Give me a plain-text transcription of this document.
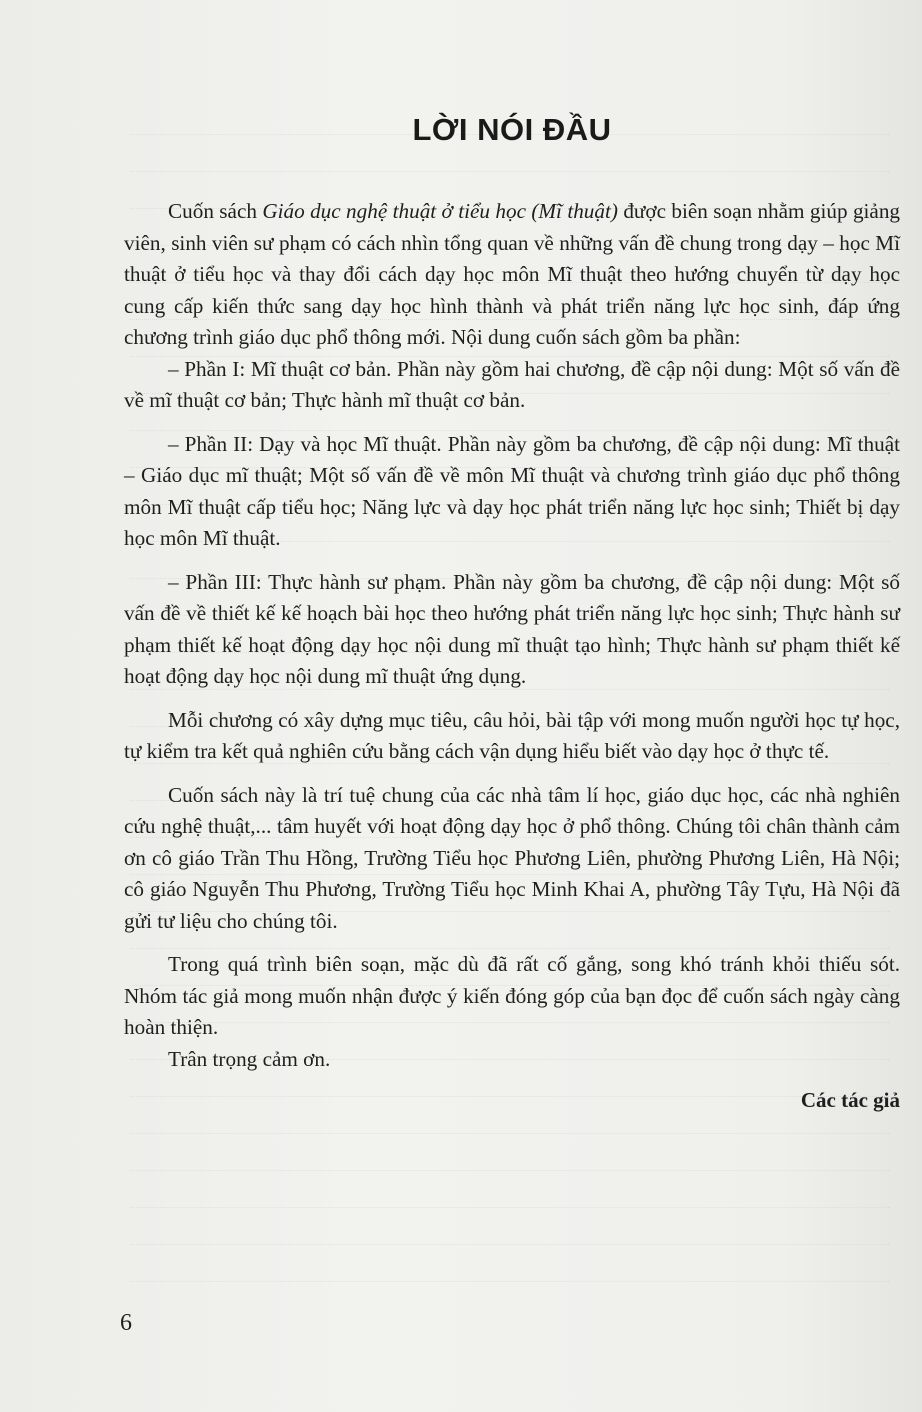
LỜI NÓI ĐẦU

Cuốn sách Giáo dục nghệ thuật ở tiểu học (Mĩ thuật) được biên soạn nhằm giúp giảng viên, sinh viên sư phạm có cách nhìn tổng quan về những vấn đề chung trong dạy – học Mĩ thuật ở tiểu học và thay đổi cách dạy học môn Mĩ thuật theo hướng chuyển từ dạy học cung cấp kiến thức sang dạy học hình thành và phát triển năng lực học sinh, đáp ứng chương trình giáo dục phổ thông mới. Nội dung cuốn sách gồm ba phần:

– Phần I: Mĩ thuật cơ bản. Phần này gồm hai chương, đề cập nội dung: Một số vấn đề về mĩ thuật cơ bản; Thực hành mĩ thuật cơ bản.

– Phần II: Dạy và học Mĩ thuật. Phần này gồm ba chương, đề cập nội dung: Mĩ thuật – Giáo dục mĩ thuật; Một số vấn đề về môn Mĩ thuật và chương trình giáo dục phổ thông môn Mĩ thuật cấp tiểu học; Năng lực và dạy học phát triển năng lực học sinh; Thiết bị dạy học môn Mĩ thuật.

– Phần III: Thực hành sư phạm. Phần này gồm ba chương, đề cập nội dung: Một số vấn đề về thiết kế kế hoạch bài học theo hướng phát triển năng lực học sinh; Thực hành sư phạm thiết kế hoạt động dạy học nội dung mĩ thuật tạo hình; Thực hành sư phạm thiết kế hoạt động dạy học nội dung mĩ thuật ứng dụng.

Mỗi chương có xây dựng mục tiêu, câu hỏi, bài tập với mong muốn người học tự học, tự kiểm tra kết quả nghiên cứu bằng cách vận dụng hiểu biết vào dạy học ở thực tế.

Cuốn sách này là trí tuệ chung của các nhà tâm lí học, giáo dục học, các nhà nghiên cứu nghệ thuật,... tâm huyết với hoạt động dạy học ở phổ thông. Chúng tôi chân thành cảm ơn cô giáo Trần Thu Hồng, Trường Tiểu học Phương Liên, phường Phương Liên, Hà Nội; cô giáo Nguyễn Thu Phương, Trường Tiểu học Minh Khai A, phường Tây Tựu, Hà Nội đã gửi tư liệu cho chúng tôi.

Trong quá trình biên soạn, mặc dù đã rất cố gắng, song khó tránh khỏi thiếu sót. Nhóm tác giả mong muốn nhận được ý kiến đóng góp của bạn đọc để cuốn sách ngày càng hoàn thiện.

Trân trọng cảm ơn.

Các tác giả
6
